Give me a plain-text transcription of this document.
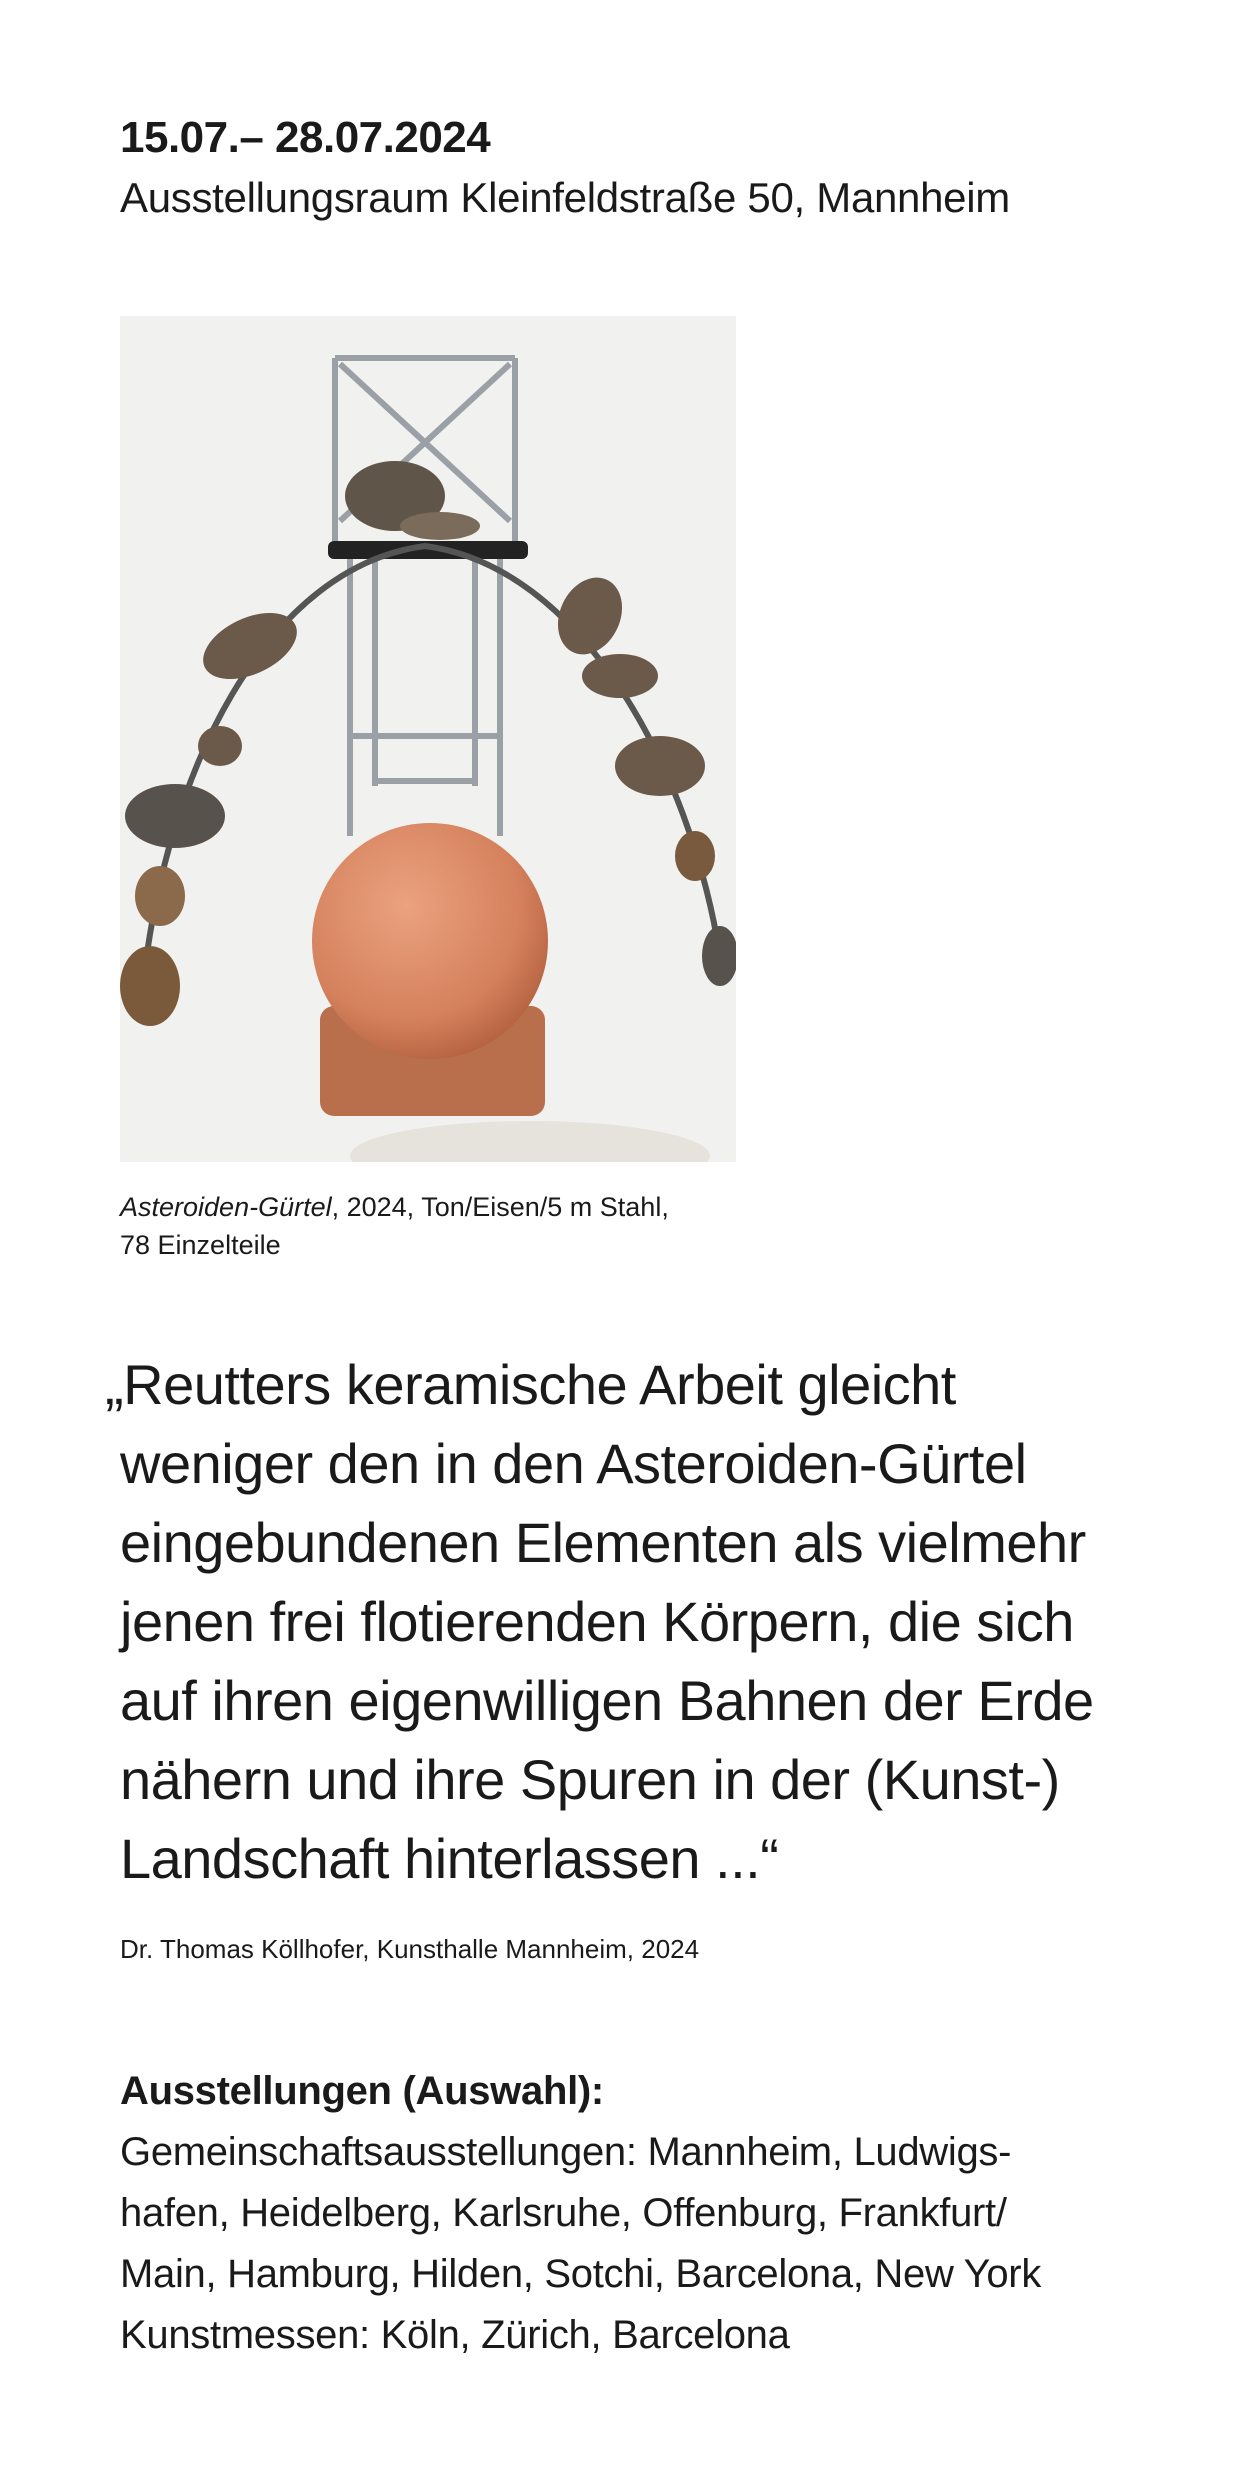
15.07.– 28.07.2024
Ausstellungsraum Kleinfeldstraße 50, Mannheim
Asteroiden-Gürtel, 2024, Ton/Eisen/5 m Stahl,
78 Einzelteile
„Reutters keramische Arbeit gleicht
weniger den in den Asteroiden-Gürtel
eingebundenen Elementen als vielmehr
jenen frei flotierenden Körpern, die sich
auf ihren eigenwilligen Bahnen der Erde
nähern und ihre Spuren in der (Kunst-)
Landschaft hinterlassen ...“
Dr. Thomas Köllhofer, Kunsthalle Mannheim, 2024
Ausstellungen (Auswahl):
Gemeinschaftsausstellungen: Mannheim, Ludwigs-
hafen, Heidelberg, Karlsruhe, Offenburg, Frankfurt/
Main, Hamburg, Hilden, Sotchi, Barcelona, New York
Kunstmessen: Köln, Zürich, Barcelona
